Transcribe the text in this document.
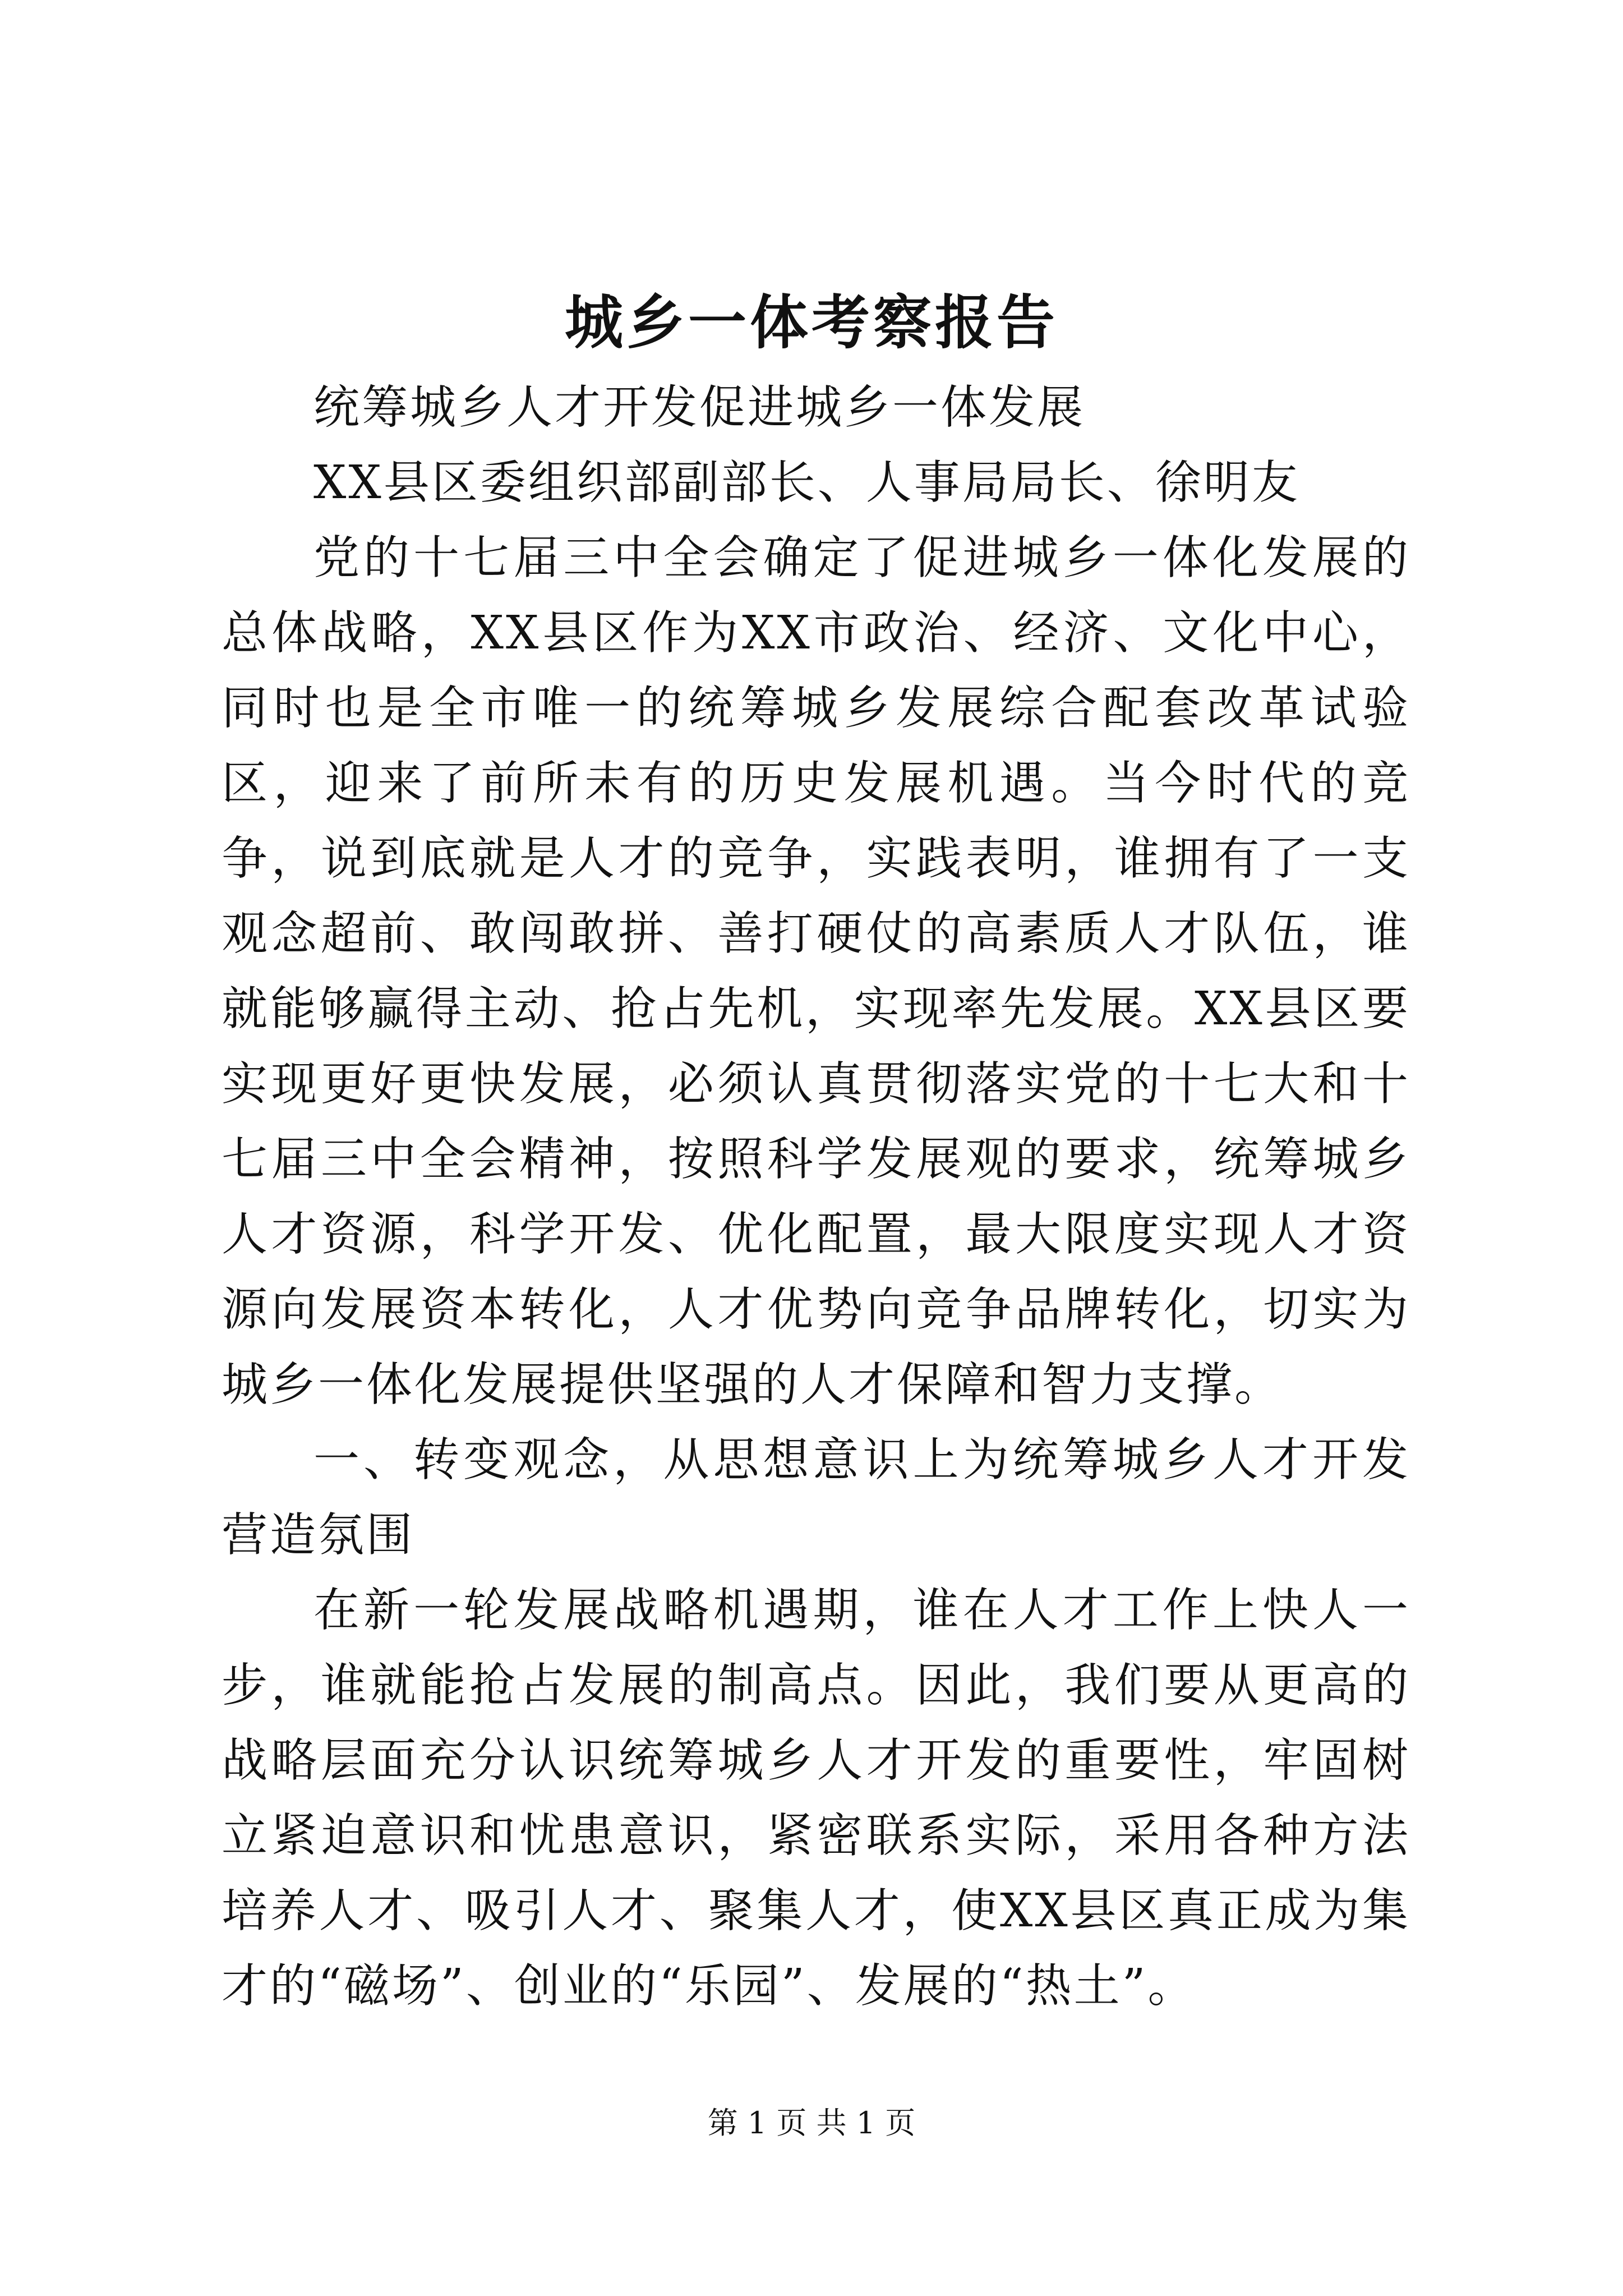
城乡一体考察报告

统筹城乡人才开发促进城乡一体发展

XX县区委组织部副部长、人事局局长、徐明友

党的十七届三中全会确定了促进城乡一体化发展的总体战略，XX县区作为XX市政治、经济、文化中心，同时也是全市唯一的统筹城乡发展综合配套改革试验区，迎来了前所未有的历史发展机遇。当今时代的竞争，说到底就是人才的竞争，实践表明，谁拥有了一支观念超前、敢闯敢拼、善打硬仗的高素质人才队伍，谁就能够赢得主动、抢占先机，实现率先发展。XX县区要实现更好更快发展，必须认真贯彻落实党的十七大和十七届三中全会精神，按照科学发展观的要求，统筹城乡人才资源，科学开发、优化配置，最大限度实现人才资源向发展资本转化，人才优势向竞争品牌转化，切实为城乡一体化发展提供坚强的人才保障和智力支撑。

一、转变观念，从思想意识上为统筹城乡人才开发营造氛围

在新一轮发展战略机遇期，谁在人才工作上快人一步，谁就能抢占发展的制高点。因此，我们要从更高的战略层面充分认识统筹城乡人才开发的重要性，牢固树立紧迫意识和忧患意识，紧密联系实际，采用各种方法培养人才、吸引人才、聚集人才，使XX县区真正成为集才的“磁场”、创业的“乐园”、发展的“热土”。

第 1 页 共 1 页
